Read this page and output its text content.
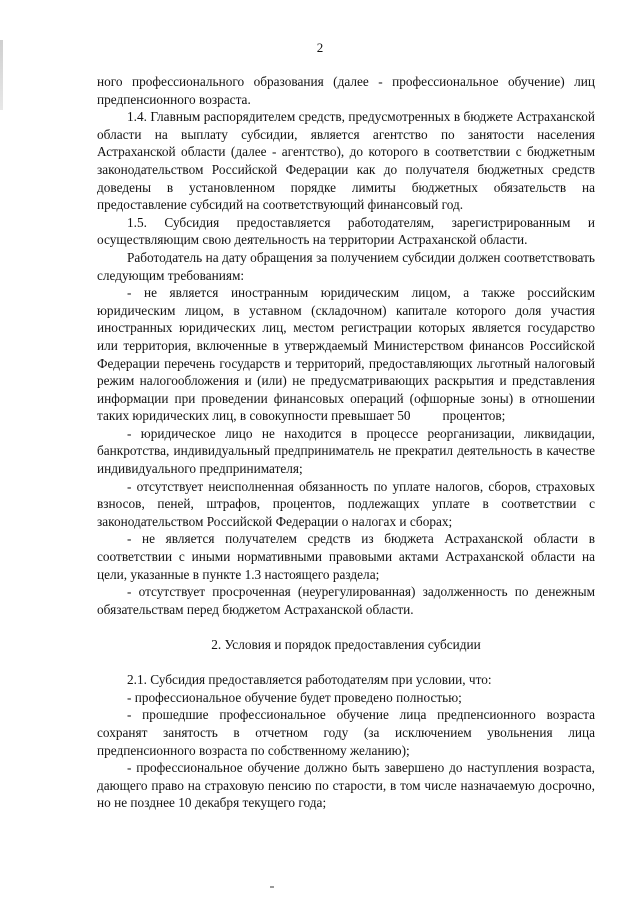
2

ного профессионального образования (далее - профессиональное обучение) лиц предпенсионного возраста.

1.4. Главным распорядителем средств, предусмотренных в бюджете Астраханской области на выплату субсидии, является агентство по занятости населения Астраханской области (далее - агентство), до которого в соответствии с бюджетным законодательством Российской Федерации как до получателя бюджетных средств доведены в установленном порядке лимиты бюджетных обязательств на предоставление субсидий на соответствующий финансовый год.

1.5. Субсидия предоставляется работодателям, зарегистрированным и осуществляющим свою деятельность на территории Астраханской области.

Работодатель на дату обращения за получением субсидии должен соответствовать следующим требованиям:

- не является иностранным юридическим лицом, а также российским юридическим лицом, в уставном (складочном) капитале которого доля участия иностранных юридических лиц, местом регистрации которых является государство или территория, включенные в утверждаемый Министерством финансов Российской Федерации перечень государств и территорий, предоставляющих льготный налоговый режим налогообложения и (или) не предусматривающих раскрытия и представления информации при проведении финансовых операций (офшорные зоны) в отношении таких юридических лиц, в совокупности превышает 50 процентов;

- юридическое лицо не находится в процессе реорганизации, ликвидации, банкротства, индивидуальный предприниматель не прекратил деятельность в качестве индивидуального предпринимателя;

- отсутствует неисполненная обязанность по уплате налогов, сборов, страховых взносов, пеней, штрафов, процентов, подлежащих уплате в соответствии с законодательством Российской Федерации о налогах и сборах;

- не является получателем средств из бюджета Астраханской области в соответствии с иными нормативными правовыми актами Астраханской области на цели, указанные в пункте 1.3 настоящего раздела;

- отсутствует просроченная (неурегулированная) задолженность по денежным обязательствам перед бюджетом Астраханской области.

2. Условия и порядок предоставления субсидии

2.1. Субсидия предоставляется работодателям при условии, что:

- профессиональное обучение будет проведено полностью;

- прошедшие профессиональное обучение лица предпенсионного возраста сохранят занятость в отчетном году (за исключением увольнения лица предпенсионного возраста по собственному желанию);

- профессиональное обучение должно быть завершено до наступления возраста, дающего право на страховую пенсию по старости, в том числе назначаемую досрочно, но не позднее 10 декабря текущего года;
